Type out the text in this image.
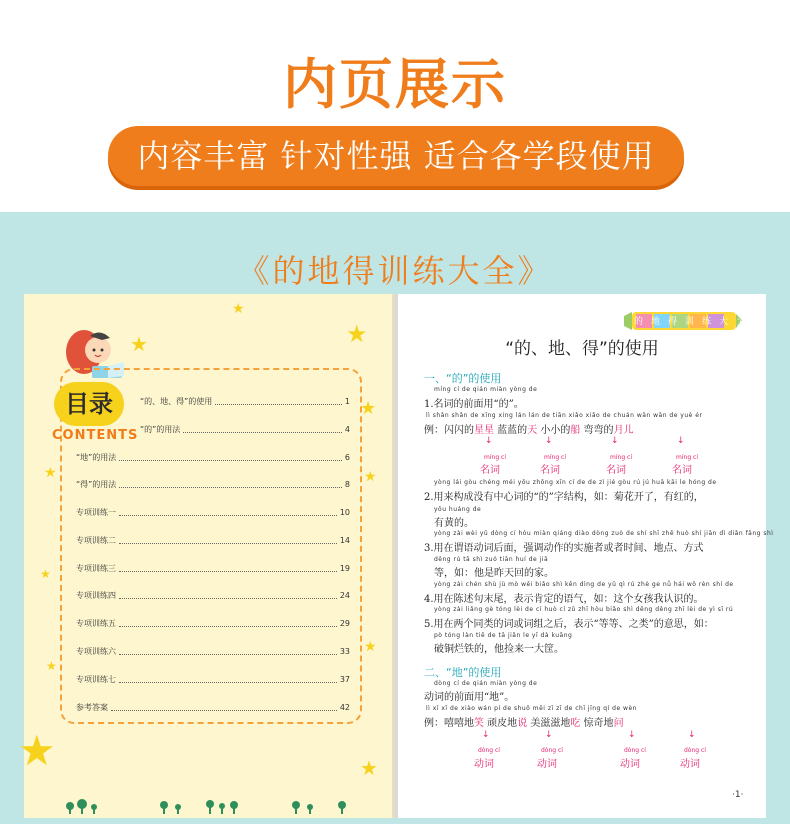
内页展示
内容丰富 针对性强 适合各学段使用
《的地得训练大全》
★
★
★
★
★
★
★
★
★
★
★
目录
CONTENTS
“的、地、得”的使用	1
“的”的用法	4
“地”的用法	6
“得”的用法	8
专项训练一	10
专项训练二	14
专项训练三	19
专项训练四	24
专项训练五	29
专项训练六	33
专项训练七	37
参考答案	42
的地得训练大全
“的、地、得”的使用
一、“的”的使用
míng cí de qián miàn yòng de
1.名词的前面用“的”。
lì shǎn shǎn de xīng xing lán lán de tiān xiǎo xiǎo de chuán wān wān de yuè ér
例：闪闪的星星 蓝蓝的天 小小的船 弯弯的月儿
↓	↓	↓	↓
míng cí	míng cí	míng cí	míng cí
名词	名词	名词	名词
yòng lái gòu chéng méi yǒu zhōng xīn cí de de zì jié gòu rú jú huā kāi le hóng de
2.用来构成没有中心词的“的”字结构，如：菊花开了，有红的，
yǒu huáng de
有黄的。
yòng zài wèi yǔ dòng cí hòu miàn qiáng diào dòng zuò de shí shī zhě huò shí jiān dì diǎn fāng shì
3.用在谓语动词后面，强调动作的实施者或者时间、地点、方式
děng rú tā shì zuó tiān huí de jiā
等，如：他是昨天回的家。
yòng zài chén shù jù mò wěi biǎo shì kěn dìng de yǔ qì rú zhè ge nǚ hái wǒ rèn shí de
4.用在陈述句末尾，表示肯定的语气，如：这个女孩我认识的。
yòng zài liǎng gè tóng lèi de cí huò cí zǔ zhī hòu biǎo shì děng děng zhī lèi de yì sī rú
5.用在两个同类的词或词组之后，表示“等等、之类”的意思，如：
pò tóng làn tiě de tā jiǎn le yī dà kuāng
破铜烂铁的，他捡来一大筐。
二、“地”的使用
dòng cí de qián miàn yòng de
动词的前面用“地”。
lì xī xī de xiào wán pí de shuō měi zī zī de chī jīng qí de wèn
例：嘻嘻地笑 顽皮地说 美滋滋地吃 惊奇地问
↓	↓	↓	↓
dòng cí	dòng cí	dòng cí	dòng cí
动词	动词	动词	动词
·1·
